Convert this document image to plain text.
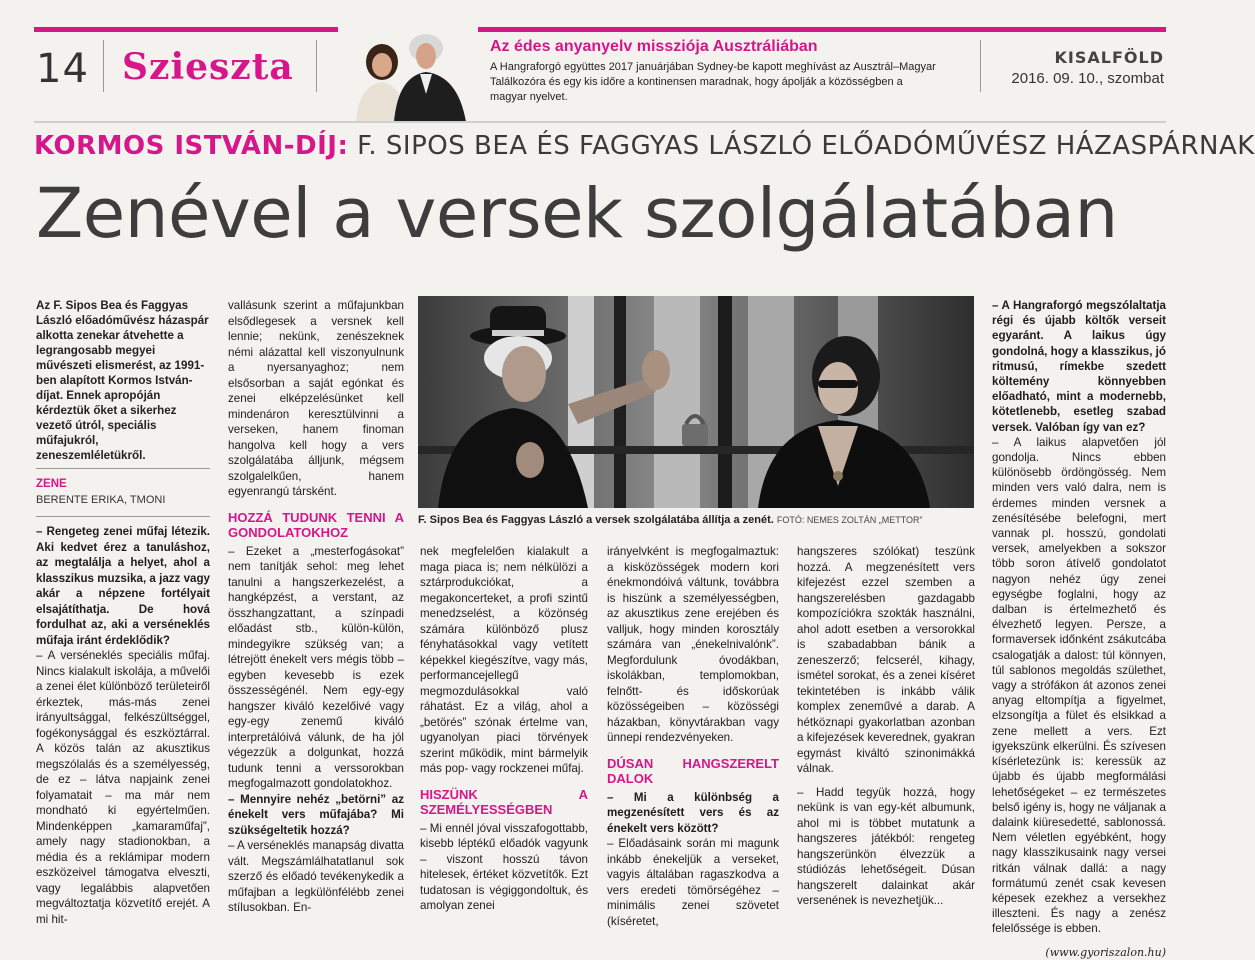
14 Szieszta	Az édes anyanyelv missziója Ausztráliában
A Hangraforgó együttes 2017 januárjában Sydney-be kapott meghívást az Ausztrál–Magyar Találkozóra és egy kis időre a kontinensen maradnak, hogy ápolják a közösségben a magyar nyelvet.
KISALFÖLD
2016. 09. 10., szombat
KORMOS ISTVÁN-DÍJ: F. SIPOS BEA ÉS FAGGYAS LÁSZLÓ ELŐADÓMŰVÉSZ HÁZASPÁRNAK
Zenével a versek szolgálatában
Az F. Sipos Bea és Faggyas László előadóművész házaspár alkotta zenekar átvehette a legrangosabb megyei művészeti elismerést, az 1991-ben alapított Kormos István-díjat. Ennek apropóján kérdeztük őket a sikerhez vezető útról, speciális műfajukról, zeneszemléletükről.
ZENE
BERENTE ERIKA, TMONI

– Rengeteg zenei műfaj létezik. Aki kedvet érez a tanuláshoz, az megtalálja a helyet, ahol a klasszikus muzsika, a jazz vagy akár a népzene fortélyait elsajátíthatja. De hová fordulhat az, aki a verséneklés műfaja iránt érdeklődik?

– A verséneklés speciális műfaj. Nincs kialakult iskolája, a művelői a zenei élet különböző területeiről érkeztek, más-más zenei irányultsággal, felkészültséggel, fogékonysággal és eszköztárral. A közös talán az akusztikus megszólalás és a személyesség, de ez – látva napjaink zenei folyamatait – ma már nem mondható ki egyértelműen. Mindenképpen „kamaraműfaj”, amely nagy stadionokban, a média és a reklámipar modern eszközeivel támogatva elveszti, vagy legalábbis alapvetően megváltoztatja közvetítő erejét. A mi hit-

vallásunk szerint a műfajunkban elsődlegesek a versnek kell lennie; nekünk, zenészeknek némi alázattal kell viszonyulnunk a nyersanyaghoz; nem elsősorban a saját egónkat és zenei elképzelésünket kell mindenáron keresztülvinni a verseken, hanem finoman hangolva kell hogy a vers szolgálatába álljunk, mégsem szolgalelkűen, hanem egyenrangú társként.

HOZZÁ TUDUNK TENNI A GONDOLATOKHOZ

– Ezeket a „mesterfogásokat” nem tanítják sehol: meg lehet tanulni a hangszerkezelést, a hangképzést, a verstant, az összhangzattant, a színpadi előadást stb., külön-külön, mindegyikre szükség van; a létrejött énekelt vers mégis több – egyben kevesebb is ezek összességénél. Nem egy-egy hangszer kiváló kezelőivé vagy egy-egy zenemű kiváló interpretálóivá válunk, de ha jól végezzük a dolgunkat, hozzá tudunk tenni a verssorokban megfogalmazott gondolatokhoz.

– Mennyire nehéz „betörni” az énekelt vers műfajába? Mi szükségeltetik hozzá?

– A verséneklés manapság divatta vált. Megszámlálhatatlanul sok szerző és előadó tevékenykedik a műfajban a legkülönfélébb zenei stílusokban. En-

F. Sipos Bea és Faggyas László a versek szolgálatába állítja a zenét. FOTÓ: NEMES ZOLTÁN „METTOR”

nek megfelelően kialakult a maga piaca is; nem nélkülözi a sztárprodukciókat, a megakoncerteket, a profi szintű menedzselést, a közönség számára különböző plusz fényhatásokkal vagy vetített képekkel kiegészítve, vagy más, performancejellegű megmozdulásokkal való ráhatást. Ez a világ, ahol a „betörés” szónak értelme van, ugyanolyan piaci törvények szerint működik, mint bármelyik más pop- vagy rockzenei műfaj.

HISZÜNK A SZEMÉLYESSÉGBEN

– Mi ennél jóval visszafogottabb, kisebb léptékű előadók vagyunk – viszont hosszú távon hitelesek, értéket közvetítők. Ezt tudatosan is végiggondoltuk, és amolyan zenei

irányelvként is megfogalmaztuk: a kisközösségek modern kori énekmondóivá váltunk, továbbra is hiszünk a személyességben, az akusztikus zene erejében és valljuk, hogy minden korosztály számára van „énekelnivalónk”. Megfordulunk óvodákban, iskolákban, templomokban, felnőtt- és időskorúak közösségeiben – közösségi házakban, könyvtárakban vagy ünnepi rendezvényeken.

DÚSAN HANGSZERELT DALOK

– Mi a különbség a megzenésített vers és az énekelt vers között?

– Előadásaink során mi magunk inkább énekeljük a verseket, vagyis általában ragaszkodva a vers eredeti tömörségéhez – minimális zenei szövetet (kíséretet,

hangszeres szólókat) teszünk hozzá. A megzenésített vers kifejezést ezzel szemben a hangszerelésben gazdagabb kompozíciókra szokták használni, ahol adott esetben a versorokkal is szabadabban bánik a zeneszerző; felcserél, kihagy, ismétel sorokat, és a zenei kíséret tekintetében is inkább válik komplex zeneművé a darab. A hétköznapi gyakorlatban azonban a kifejezések keverednek, gyakran egymást kiváltó szinonimákká válnak.

– Hadd tegyük hozzá, hogy nekünk is van egy-két albumunk, ahol mi is többet mutatunk a hangszeres játékból: rengeteg hangszerünkön élvezzük a stúdiózás lehetőségeit. Dúsan hangszerelt dalainkat akár versenének is nevezhetjük...

– A Hangraforgó megszólaltatja régi és újabb költők verseit egyaránt. A laikus úgy gondolná, hogy a klasszikus, jó ritmusú, rímekbe szedett költemény könnyebben előadható, mint a modernebb, kötetlenebb, esetleg szabad versek. Valóban így van ez?

– A laikus alapvetően jól gondolja. Nincs ebben különösebb ördöngösség. Nem minden vers való dalra, nem is érdemes minden versnek a zenésítésébe belefogni, mert vannak pl. hosszú, gondolati versek, amelyekben a sokszor több soron átívelő gondolatot nagyon nehéz úgy zenei egységbe foglalni, hogy az dalban is értelmezhető és élvezhető legyen. Persze, a formaversek időnként zsákutcába csalogatják a dalost: túl könnyen, túl sablonos megoldás születhet, vagy a strófákon át azonos zenei anyag eltompítja a figyelmet, elzsongítja a fület és elsikkad a zene mellett a vers. Ezt igyekszünk elkerülni. És szívesen kísérletezünk is: keressük az újabb és újabb megformálási lehetőségeket – ez természetes belső igény is, hogy ne váljanak a dalaink kiüresedetté, sablonossá. Nem véletlen egyébként, hogy nagy klasszikusaink nagy versei ritkán válnak dallá: a nagy formátumú zenét csak kevesen képesek ezekhez a versekhez illeszteni. És nagy a zenész felelőssége is ebben.

(www.gyoriszalon.hu)
